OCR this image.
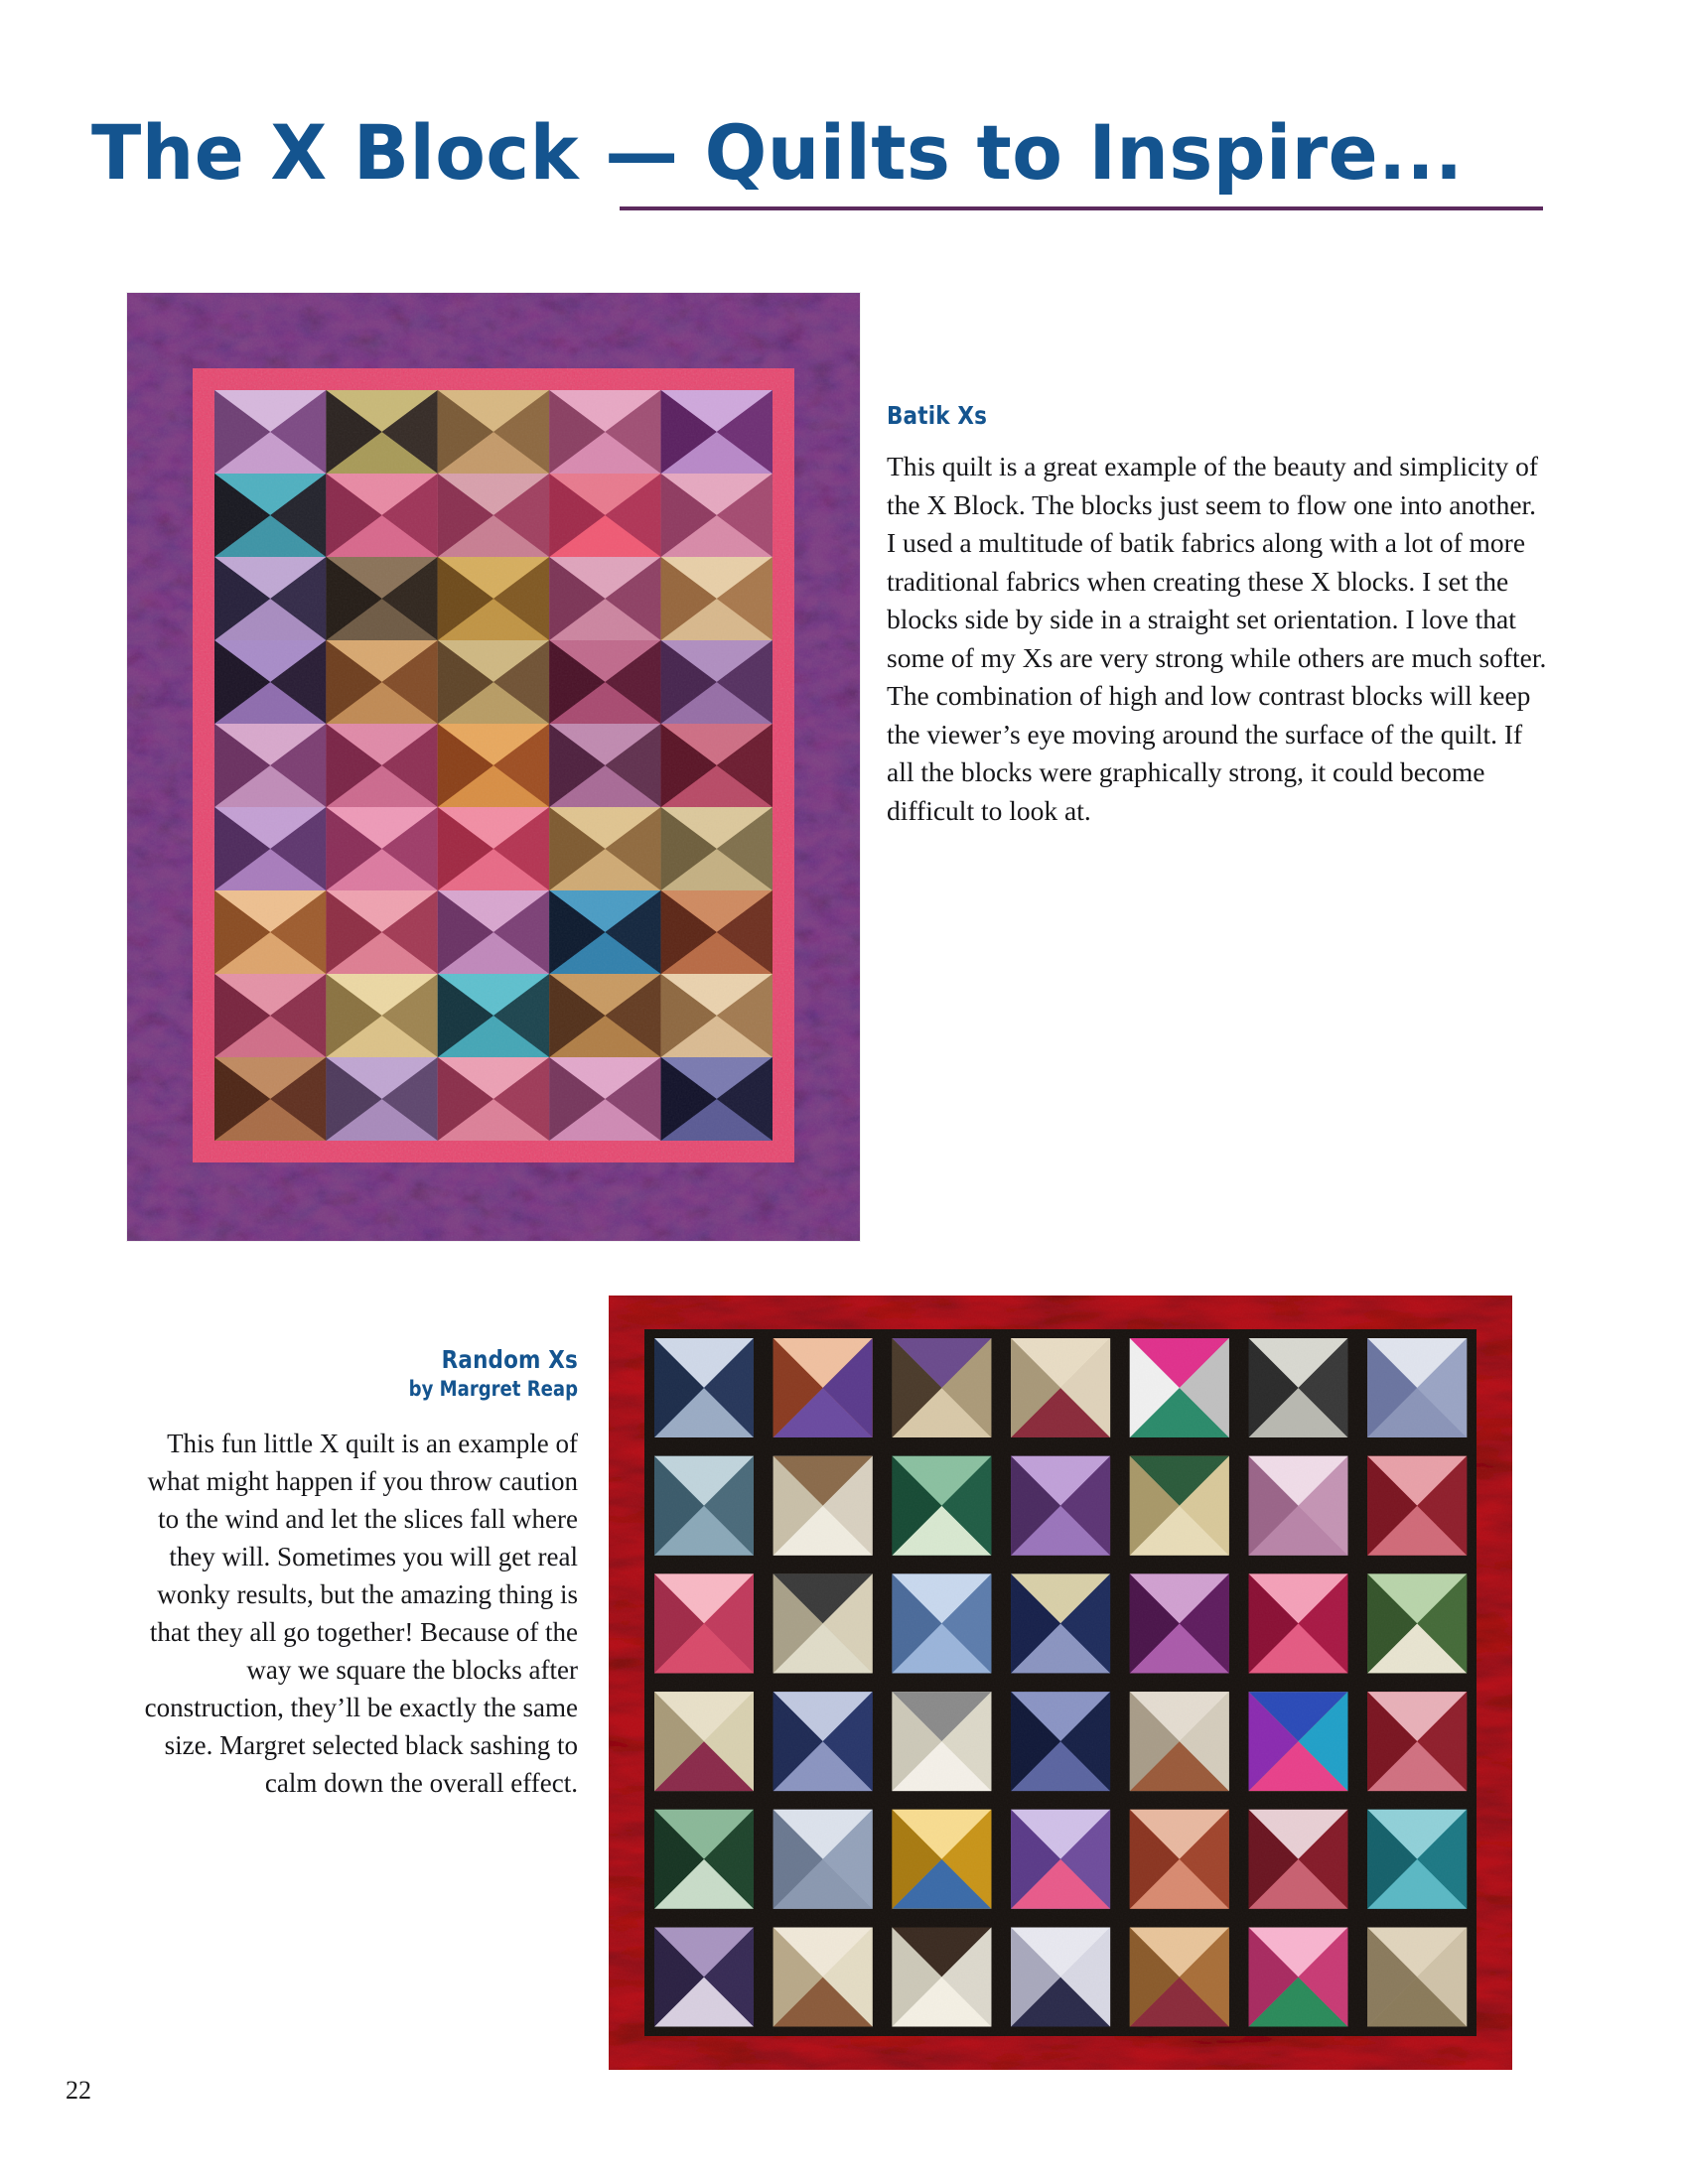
The X Block — Quilts to Inspire...
Batik Xs
This quilt is a great example of the beauty and simplicity of the X Block. The blocks just seem to flow one into another. I used a multitude of batik fabrics along with a lot of more traditional fabrics when creating these X blocks. I set the blocks side by side in a straight set orientation. I love that some of my Xs are very strong while others are much softer. The combination of high and low contrast blocks will keep the viewer’s eye moving around the surface of the quilt. If all the blocks were graphically strong, it could become difficult to look at.
Random Xs
by Margret Reap
This fun little X quilt is an example of what might happen if you throw caution to the wind and let the slices fall where they will. Sometimes you will get real wonky results, but the amazing thing is that they all go together! Because of the way we square the blocks after construction, they’ll be exactly the same size. Margret selected black sashing to calm down the overall effect.
22
